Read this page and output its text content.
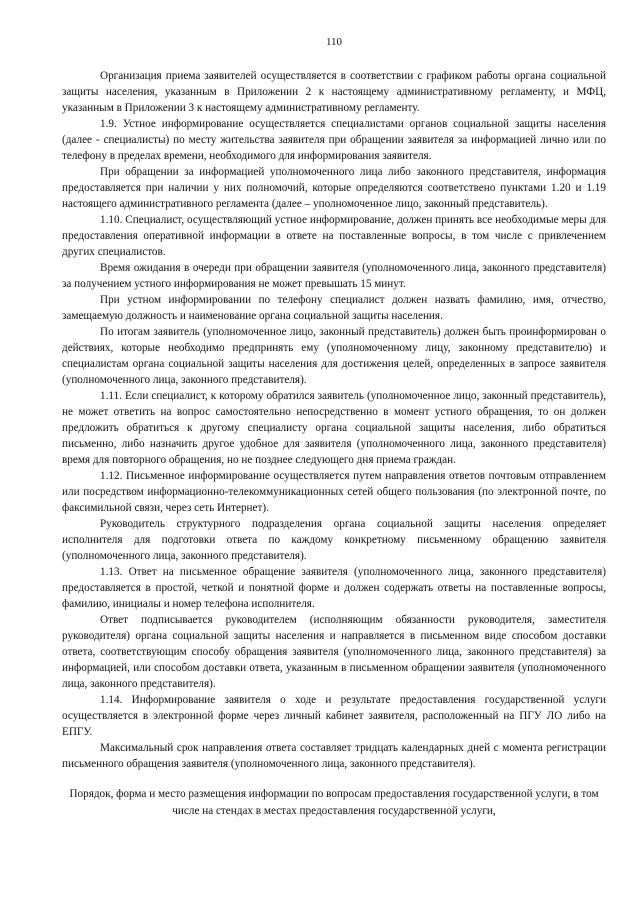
110

Организация приема заявителей осуществляется в соответствии с графиком работы органа социальной защиты населения, указанным в Приложении 2 к настоящему административному регламенту, и МФЦ, указанным в Приложении 3 к настоящему административному регламенту.

1.9. Устное информирование осуществляется специалистами органов социальной защиты населения (далее - специалисты) по месту жительства заявителя при обращении заявителя за информацией лично или по телефону в пределах времени, необходимого для информирования заявителя.

При обращении за информацией уполномоченного лица либо законного представителя, информация предоставляется при наличии у них полномочий, которые определяются соответствено пунктами 1.20 и 1.19 настоящего административного регламента (далее – уполномоченное лицо, законный представитель).

1.10. Специалист, осуществляющий устное информирование, должен принять все необходимые меры для предоставления оперативной информации в ответе на поставленные вопросы, в том числе с привлечением других специалистов.

Время ожидания в очереди при обращении заявителя (уполномоченного лица, законного представителя) за получением устного информирования не может превышать 15 минут.

При устном информировании по телефону специалист должен назвать фамилию, имя, отчество, замещаемую должность и наименование органа социальной защиты населения.

По итогам заявитель (уполномоченное лицо, законный представитель) должен быть проинформирован о действиях, которые необходимо предпринять ему (уполномоченному лицу, законному представителю) и специалистам органа социальной защиты населения для достижения целей, определенных в запросе заявителя (уполномоченного лица, законного представителя).

1.11. Если специалист, к которому обратился заявитель (уполномоченное лицо, законный представитель), не может ответить на вопрос самостоятельно непосредственно в момент устного обращения, то он должен предложить обратиться к другому специалисту органа социальной защиты населения, либо обратиться письменно, либо назначить другое удобное для заявителя (уполномоченного лица, законного представителя) время для повторного обращения, но не позднее следующего дня приема граждан.

1.12. Письменное информирование осуществляется путем направления ответов почтовым отправлением или посредством информационно-телекоммуникационных сетей общего пользования (по электронной почте, по факсимильной связи, через сеть Интернет).

Руководитель структурного подразделения органа социальной защиты населения определяет исполнителя для подготовки ответа по каждому конкретному письменному обращению заявителя (уполномоченного лица, законного представителя).

1.13. Ответ на письменное обращение заявителя (уполномоченного лица, законного представителя) предоставляется в простой, четкой и понятной форме и должен содержать ответы на поставленные вопросы, фамилию, инициалы и номер телефона исполнителя.

Ответ подписывается руководителем (исполняющим обязанности руководителя, заместителя руководителя) органа социальной защиты населения и направляется в письменном виде способом доставки ответа, соответствующим способу обращения заявителя (уполномоченного лица, законного представителя) за информацией, или способом доставки ответа, указанным в письменном обращении заявителя (уполномоченного лица, законного представителя).

1.14. Информирование заявителя о ходе и результате предоставления государственной услуги осуществляется в электронной форме через личный кабинет заявителя, расположенный на ПГУ ЛО либо на ЕПГУ.

Максимальный срок направления ответа составляет тридцать календарных дней с момента регистрации письменного обращения заявителя (уполномоченного лица, законного представителя).

Порядок, форма и место размещения информации по вопросам предоставления государственной услуги, в том числе на стендах в местах предоставления государственной услуги,
